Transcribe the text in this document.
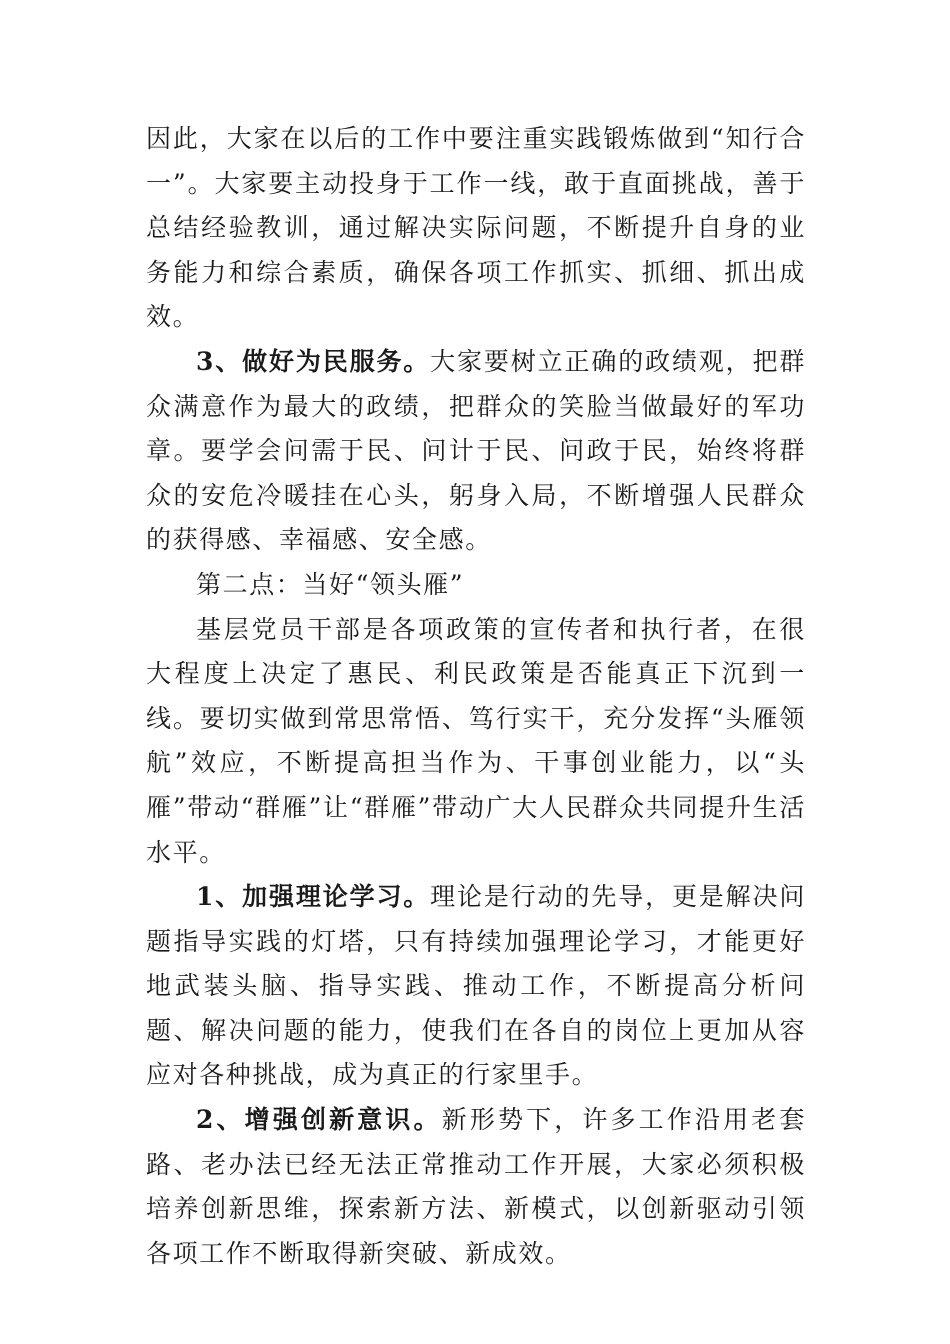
因此，大家在以后的工作中要注重实践锻炼做到“知行合一”。大家要主动投身于工作一线，敢于直面挑战，善于总结经验教训，通过解决实际问题，不断提升自身的业务能力和综合素质，确保各项工作抓实、抓细、抓出成效。

3、做好为民服务。大家要树立正确的政绩观，把群众满意作为最大的政绩，把群众的笑脸当做最好的军功章。要学会问需于民、问计于民、问政于民，始终将群众的安危冷暖挂在心头，躬身入局，不断增强人民群众的获得感、幸福感、安全感。

第二点：当好“领头雁”

基层党员干部是各项政策的宣传者和执行者，在很大程度上决定了惠民、利民政策是否能真正下沉到一线。要切实做到常思常悟、笃行实干，充分发挥“头雁领航”效应，不断提高担当作为、干事创业能力，以“头雁”带动“群雁”让“群雁”带动广大人民群众共同提升生活水平。

1、加强理论学习。理论是行动的先导，更是解决问题指导实践的灯塔，只有持续加强理论学习，才能更好地武装头脑、指导实践、推动工作，不断提高分析问题、解决问题的能力，使我们在各自的岗位上更加从容应对各种挑战，成为真正的行家里手。

2、增强创新意识。新形势下，许多工作沿用老套路、老办法已经无法正常推动工作开展，大家必须积极培养创新思维，探索新方法、新模式，以创新驱动引领各项工作不断取得新突破、新成效。
